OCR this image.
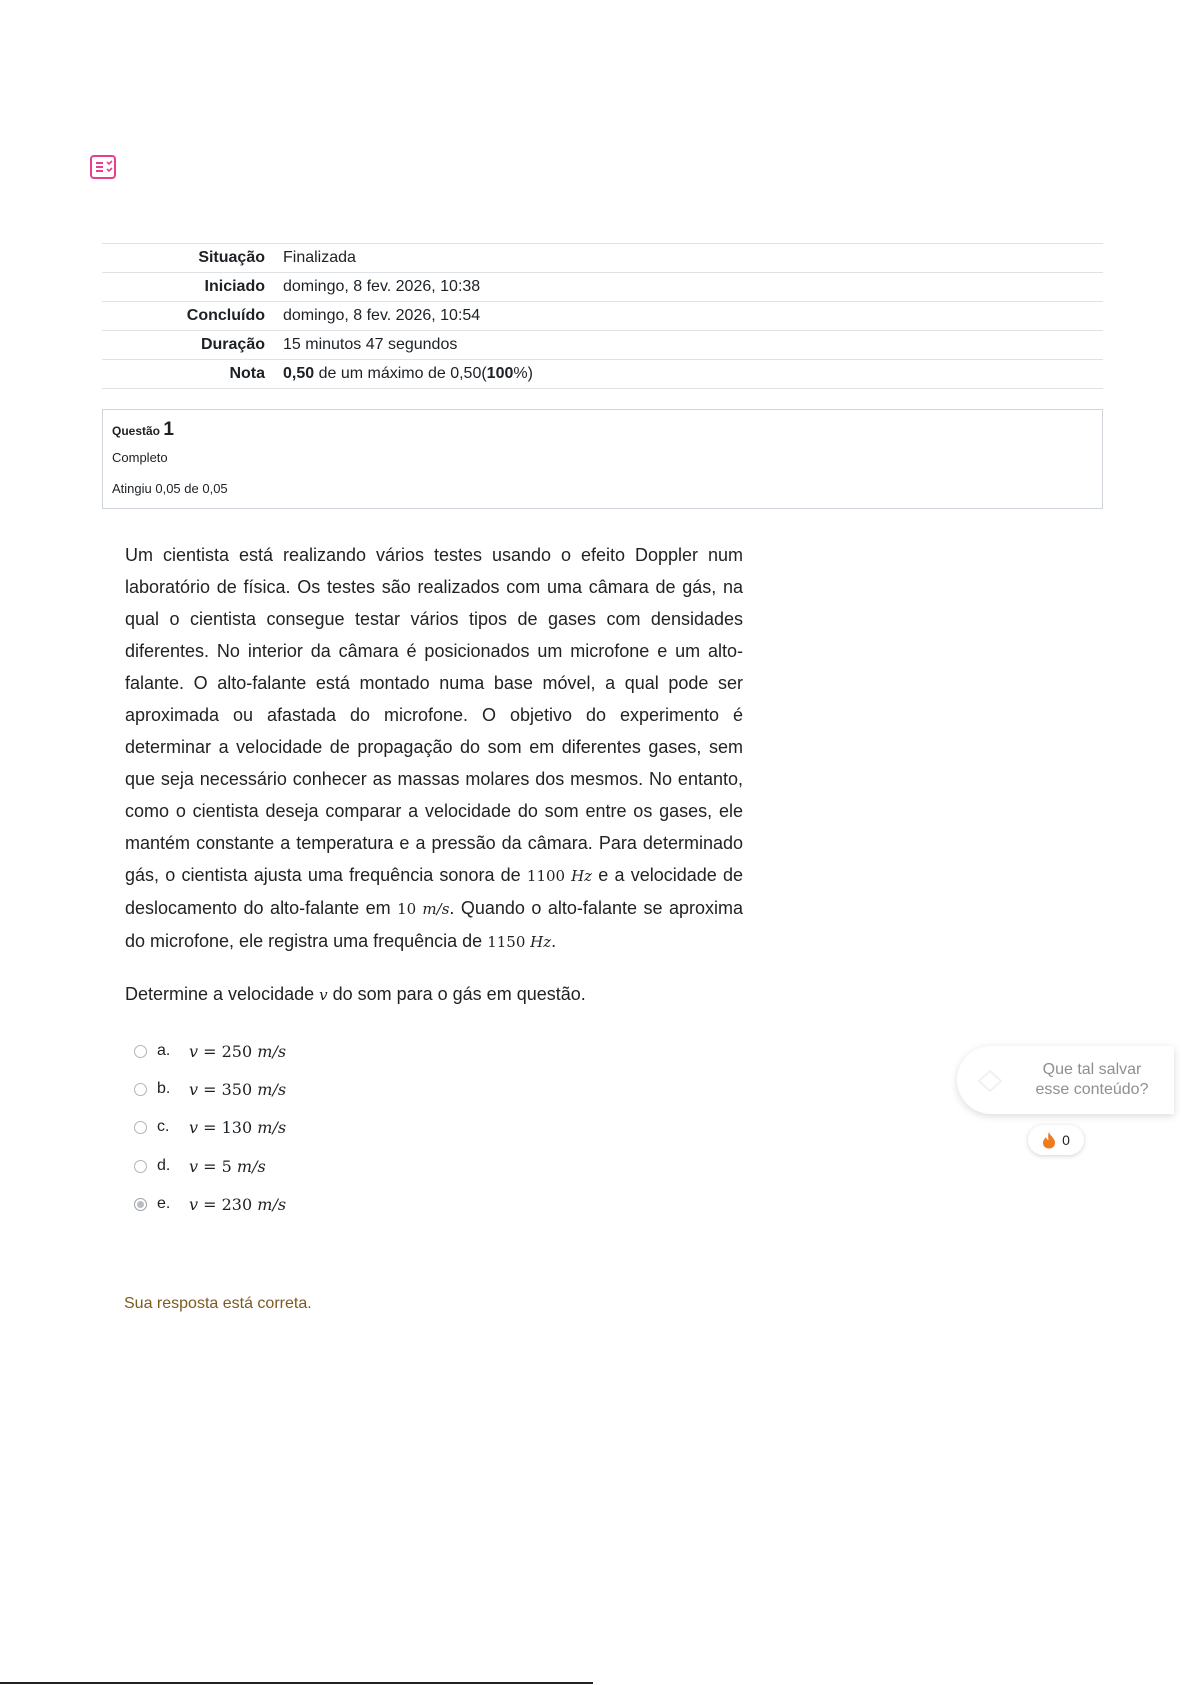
Situação	Finalizada
Iniciado	domingo, 8 fev. 2026, 10:38
Concluído	domingo, 8 fev. 2026, 10:54
Duração	15 minutos 47 segundos
Nota	0,50 de um máximo de 0,50(100%)
Questão 1
Completo
Atingiu 0,05 de 0,05
Um cientista está realizando vários testes usando o efeito Doppler num laboratório de física. Os testes são realizados com uma câmara de gás, na qual o cientista consegue testar vários tipos de gases com densidades diferentes. No interior da câmara é posicionados um microfone e um alto-falante. O alto-falante está montado numa base móvel, a qual pode ser aproximada ou afastada do microfone. O objetivo do experimento é determinar a velocidade de propagação do som em diferentes gases, sem que seja necessário conhecer as massas molares dos mesmos. No entanto, como o cientista deseja comparar a velocidade do som entre os gases, ele mantém constante a temperatura e a pressão da câmara. Para determinado gás, o cientista ajusta uma frequência sonora de 1100 Hz e a velocidade de deslocamento do alto-falante em 10 m/s. Quando o alto-falante se aproxima do microfone, ele registra uma frequência de 1150 Hz.
Determine a velocidade v do som para o gás em questão.
a.	v = 250 m/s
b.	v = 350 m/s
c.	v = 130 m/s
d.	v = 5 m/s
e.	v = 230 m/s
Sua resposta está correta.
Que tal salvar
esse conteúdo?
0
